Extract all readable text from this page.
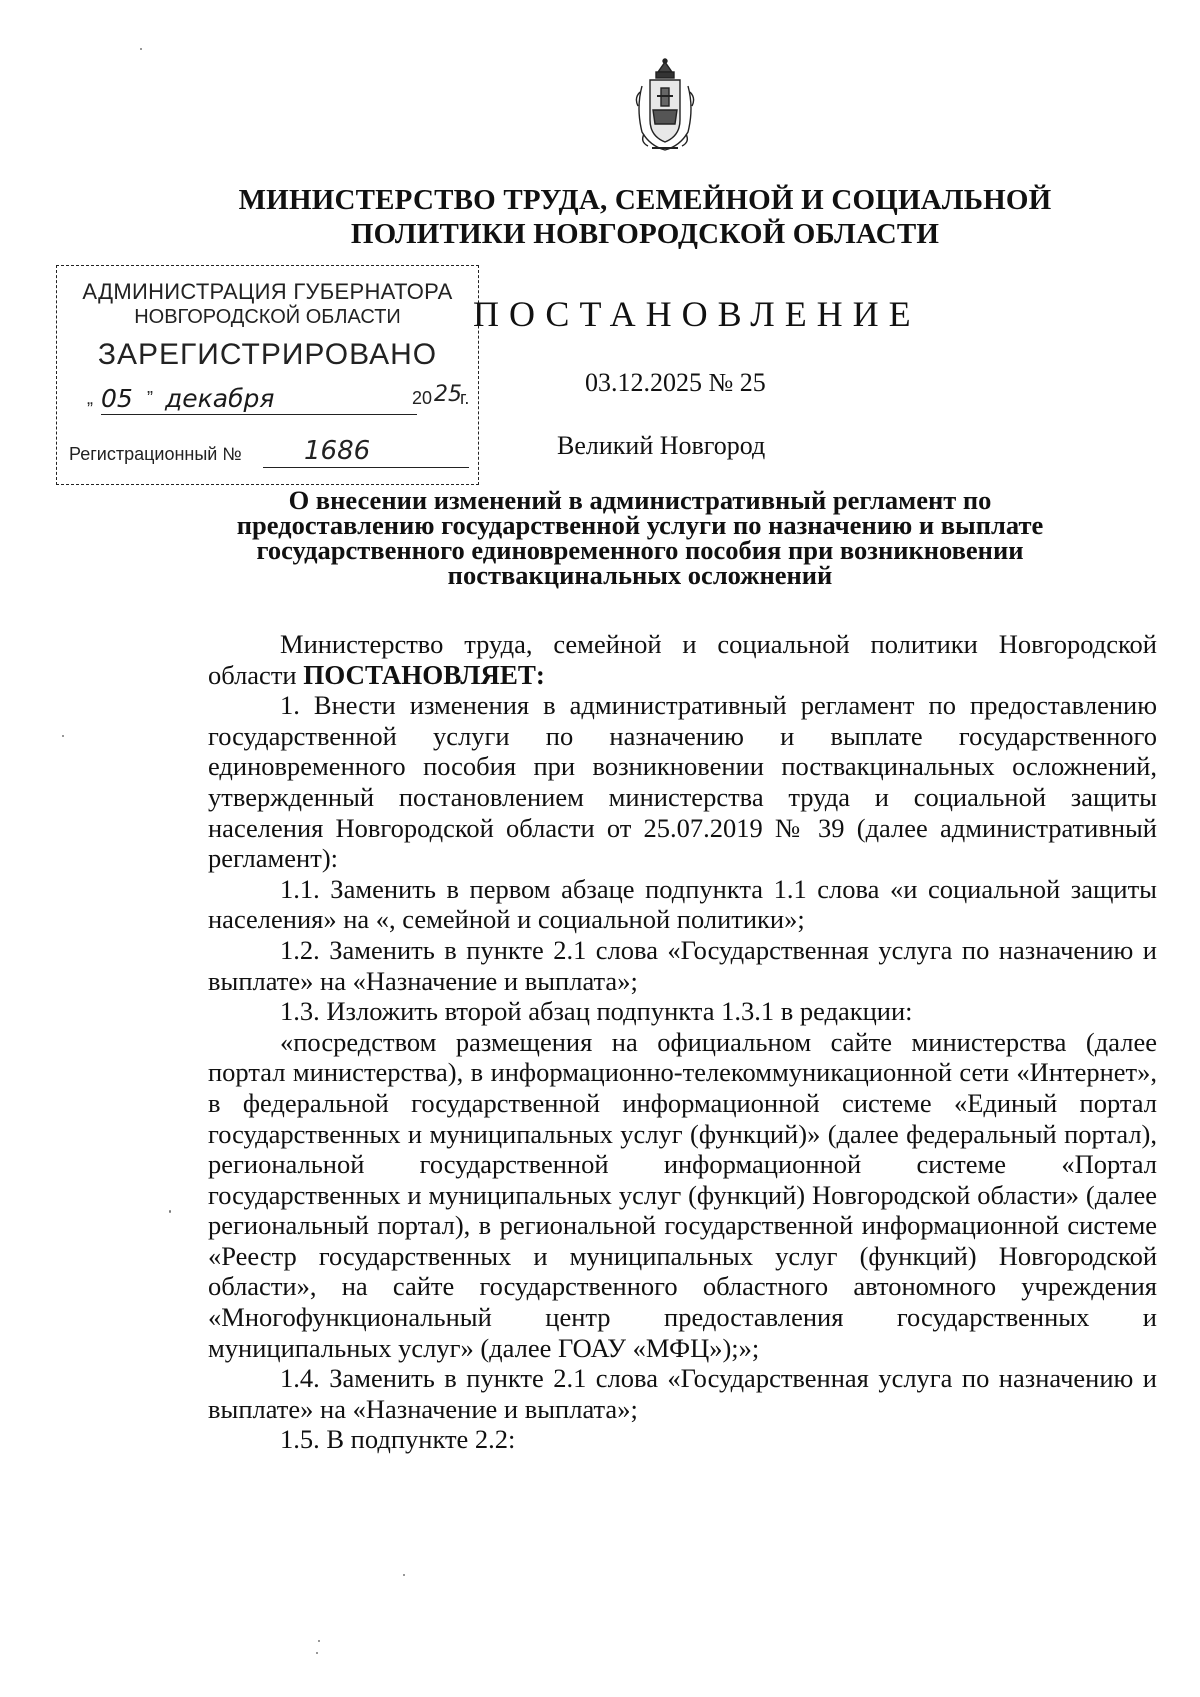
МИНИСТЕРСТВО ТРУДА, СЕМЕЙНОЙ И СОЦИАЛЬНОЙ
ПОЛИТИКИ НОВГОРОДСКОЙ ОБЛАСТИ
АДМИНИСТРАЦИЯ ГУБЕРНАТОРА
НОВГОРОДСКОЙ ОБЛАСТИ
ЗАРЕГИСТРИРОВАНО
„ 05 ” декабря	20 25
г.
Регистрационный № 1686
ПОСТАНОВЛЕНИЕ
03.12.2025 № 25
Великий Новгород
О внесении изменений в административный регламент по
предоставлению государственной услуги по назначению и выплате
государственного единовременного пособия при возникновении
поствакцинальных осложнений

Министерство труда, семейной и социальной политики Новгородской области ПОСТАНОВЛЯЕТ:

1. Внести изменения в административный регламент по предоставлению государственной услуги по назначению и выплате государственного единовременного пособия при возникновении поствакцинальных осложнений, утвержденный постановлением министерства труда и социальной защиты населения Новгородской области от 25.07.2019 № 39 (далее административный регламент):

1.1. Заменить в первом абзаце подпункта 1.1 слова «и социальной защиты населения» на «, семейной и социальной политики»;

1.2. Заменить в пункте 2.1 слова «Государственная услуга по назначению и выплате» на «Назначение и выплата»;

1.3. Изложить второй абзац подпункта 1.3.1 в редакции:

«посредством размещения на официальном сайте министерства (далее портал министерства), в информационно-телекоммуникационной сети «Интернет», в федеральной государственной информационной системе «Единый портал государственных и муниципальных услуг (функций)» (далее федеральный портал), региональной государственной информационной системе «Портал государственных и муниципальных услуг (функций) Новгородской области» (далее региональный портал), в региональной государственной информационной системе «Реестр государственных и муниципальных услуг (функций) Новгородской области», на сайте государственного областного автономного учреждения «Многофункциональный центр предоставления государственных и муниципальных услуг» (далее ГОАУ «МФЦ»);»;

1.4. Заменить в пункте 2.1 слова «Государственная услуга по назначению и выплате» на «Назначение и выплата»;

1.5. В подпункте 2.2:
